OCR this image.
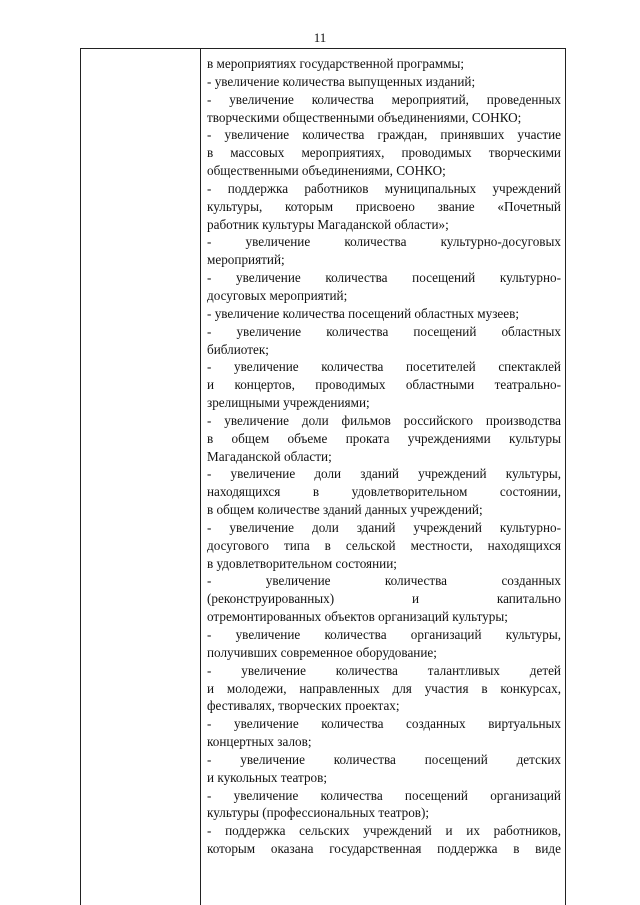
11
в мероприятиях государственной программы;
- увеличение количества выпущенных изданий;
- увеличение количества мероприятий, проведенных
творческими общественными объединениями, СОНКО;
- увеличение количества граждан, принявших участие
в массовых мероприятиях, проводимых творческими
общественными объединениями, СОНКО;
- поддержка работников муниципальных учреждений
культуры, которым присвоено звание «Почетный
работник культуры Магаданской области»;
- увеличение количества культурно-досуговых
мероприятий;
- увеличение количества посещений культурно-
досуговых мероприятий;
- увеличение количества посещений областных музеев;
- увеличение количества посещений областных
библиотек;
- увеличение количества посетителей спектаклей
и концертов, проводимых областными театрально-
зрелищными учреждениями;
- увеличение доли фильмов российского производства
в общем объеме проката учреждениями культуры
Магаданской области;
- увеличение доли зданий учреждений культуры,
находящихся в удовлетворительном состоянии,
в общем количестве зданий данных учреждений;
- увеличение доли зданий учреждений культурно-
досугового типа в сельской местности, находящихся
в удовлетворительном состоянии;
- увеличение количества созданных
(реконструированных) и капитально
отремонтированных объектов организаций культуры;
- увеличение количества организаций культуры,
получивших современное оборудование;
- увеличение количества талантливых детей
и молодежи, направленных для участия в конкурсах,
фестивалях, творческих проектах;
- увеличение количества созданных виртуальных
концертных залов;
- увеличение количества посещений детских
и кукольных театров;
- увеличение количества посещений организаций
культуры (профессиональных театров);
- поддержка сельских учреждений и их работников,
которым оказана государственная поддержка в виде
